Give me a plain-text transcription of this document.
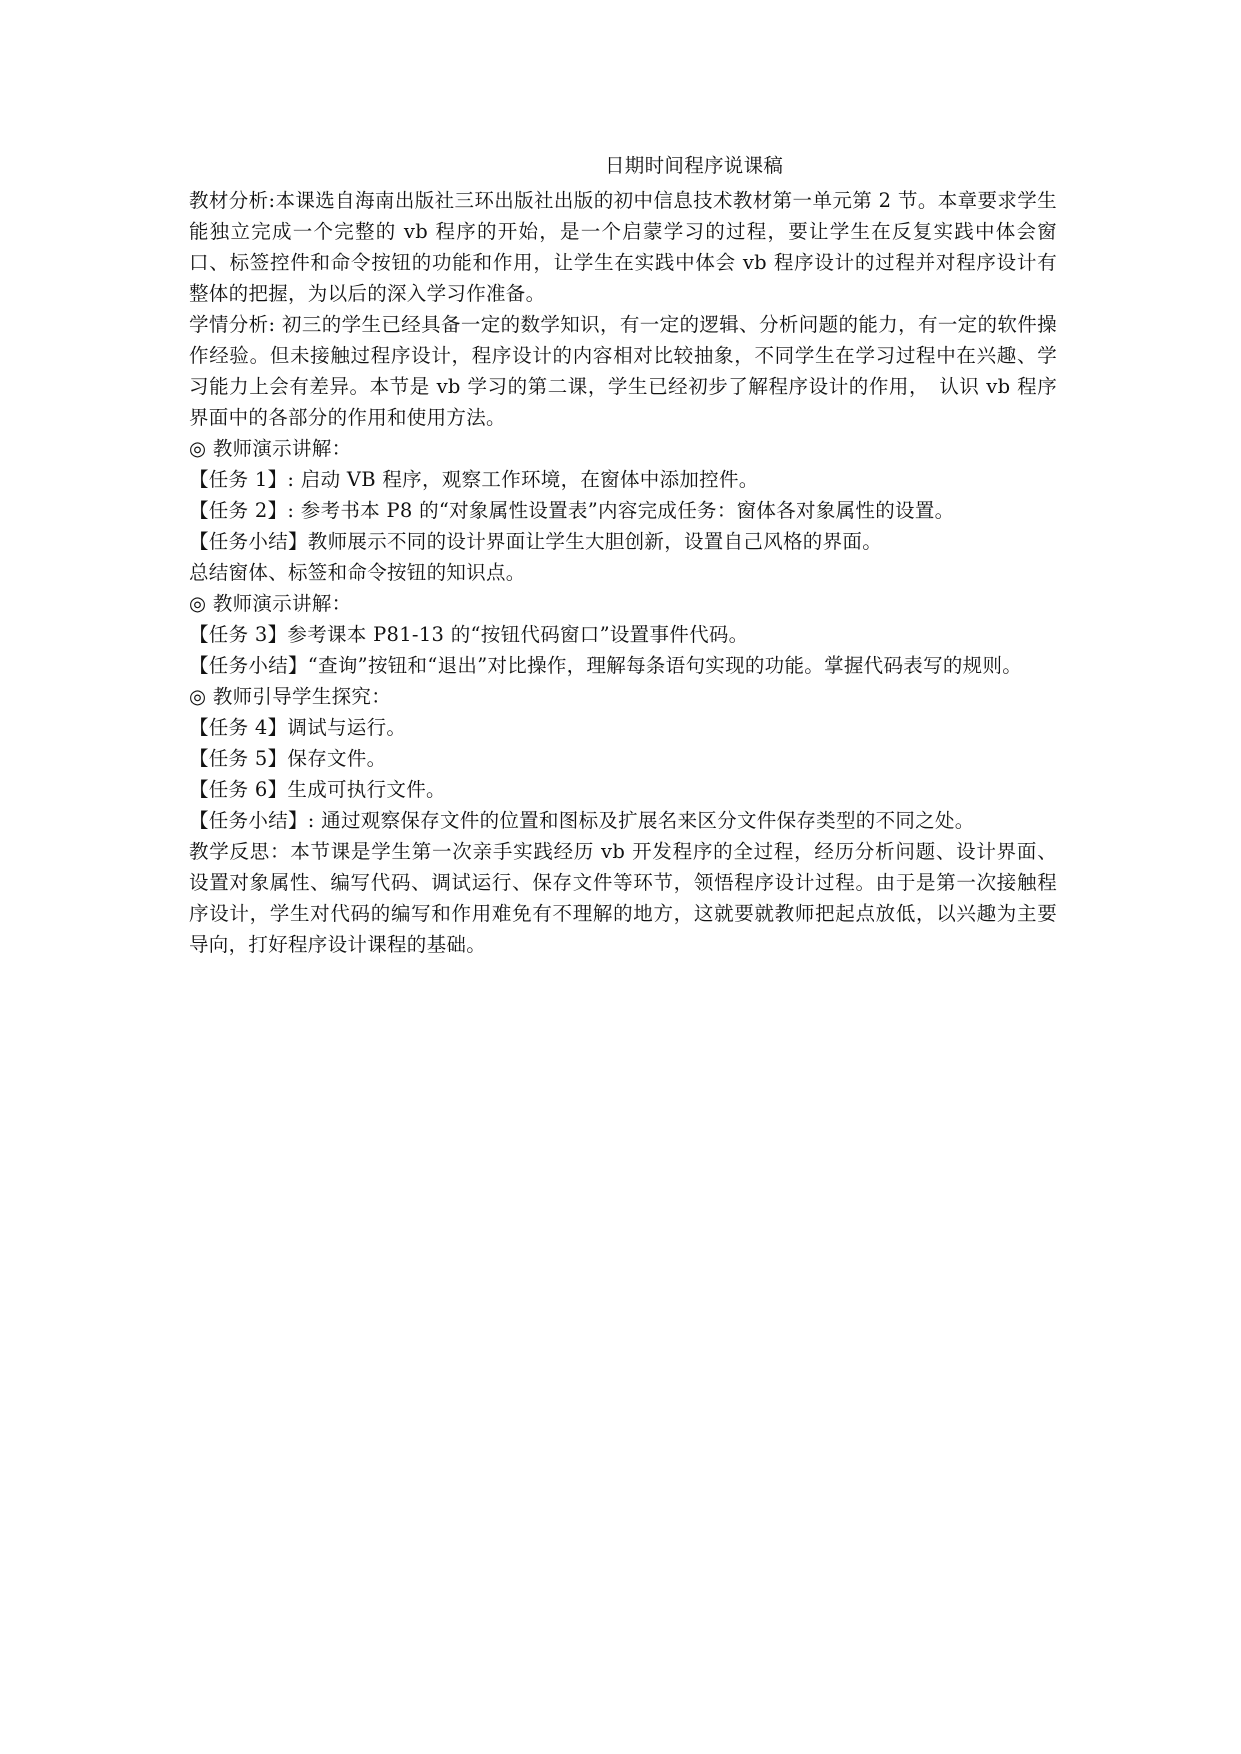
日期时间程序说课稿

教材分析:本课选自海南出版社三环出版社出版的初中信息技术教材第一单元第 2 节。本章要求学生能独立完成一个完整的 vb 程序的开始，是一个启蒙学习的过程，要让学生在反复实践中体会窗口、标签控件和命令按钮的功能和作用，让学生在实践中体会 vb 程序设计的过程并对程序设计有整体的把握，为以后的深入学习作准备。

学情分析: 初三的学生已经具备一定的数学知识，有一定的逻辑、分析问题的能力，有一定的软件操作经验。但未接触过程序设计，程序设计的内容相对比较抽象，不同学生在学习过程中在兴趣、学习能力上会有差异。本节是 vb 学习的第二课，学生已经初步了解程序设计的作用，　认识 vb 程序界面中的各部分的作用和使用方法。

◎ 教师演示讲解：

【任务 1】: 启动 VB 程序，观察工作环境，在窗体中添加控件。

【任务 2】: 参考书本 P8 的“对象属性设置表”内容完成任务：窗体各对象属性的设置。

【任务小结】教师展示不同的设计界面让学生大胆创新，设置自己风格的界面。

总结窗体、标签和命令按钮的知识点。

◎ 教师演示讲解：

【任务 3】参考课本 P81-13 的“按钮代码窗口”设置事件代码。

【任务小结】“查询”按钮和“退出”对比操作，理解每条语句实现的功能。掌握代码表写的规则。

◎ 教师引导学生探究：

【任务 4】调试与运行。

【任务 5】保存文件。

【任务 6】生成可执行文件。

【任务小结】: 通过观察保存文件的位置和图标及扩展名来区分文件保存类型的不同之处。

教学反思：本节课是学生第一次亲手实践经历 vb 开发程序的全过程，经历分析问题、设计界面、设置对象属性、编写代码、调试运行、保存文件等环节，领悟程序设计过程。由于是第一次接触程序设计，学生对代码的编写和作用难免有不理解的地方，这就要就教师把起点放低，以兴趣为主要导向，打好程序设计课程的基础。
